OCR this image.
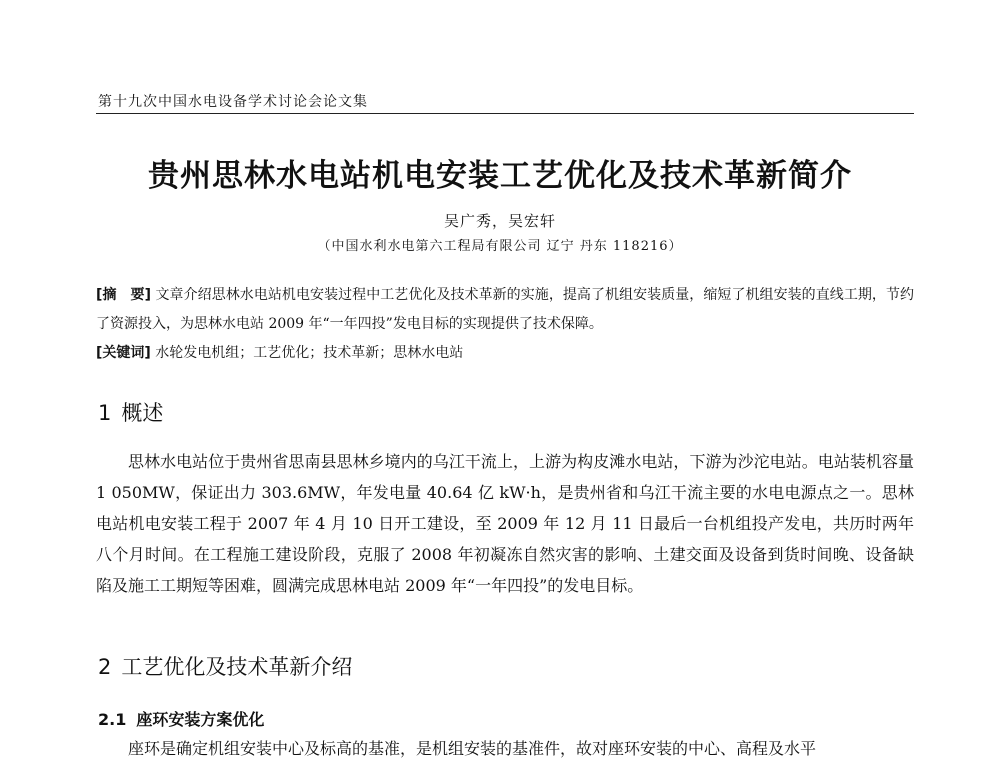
第十九次中国水电设备学术讨论会论文集
贵州思林水电站机电安装工艺优化及技术革新简介
吴广秀，吴宏轩
（中国水利水电第六工程局有限公司 辽宁 丹东 118216）
[摘　要] 文章介绍思林水电站机电安装过程中工艺优化及技术革新的实施，提高了机组安装质量，缩短了机组安装的直线工期，节约了资源投入，为思林水电站 2009 年“一年四投”发电目标的实现提供了技术保障。
[关键词] 水轮发电机组；工艺优化；技术革新；思林水电站
1 概述
思林水电站位于贵州省思南县思林乡境内的乌江干流上，上游为构皮滩水电站，下游为沙沱电站。电站装机容量 1 050MW，保证出力 303.6MW，年发电量 40.64 亿 kW·h，是贵州省和乌江干流主要的水电电源点之一。思林电站机电安装工程于 2007 年 4 月 10 日开工建设，至 2009 年 12 月 11 日最后一台机组投产发电，共历时两年八个月时间。在工程施工建设阶段，克服了 2008 年初凝冻自然灾害的影响、土建交面及设备到货时间晚、设备缺陷及施工工期短等困难，圆满完成思林电站 2009 年“一年四投”的发电目标。
2 工艺优化及技术革新介绍
2.1 座环安装方案优化
座环是确定机组安装中心及标高的基准，是机组安装的基准件，故对座环安装的中心、高程及水平
